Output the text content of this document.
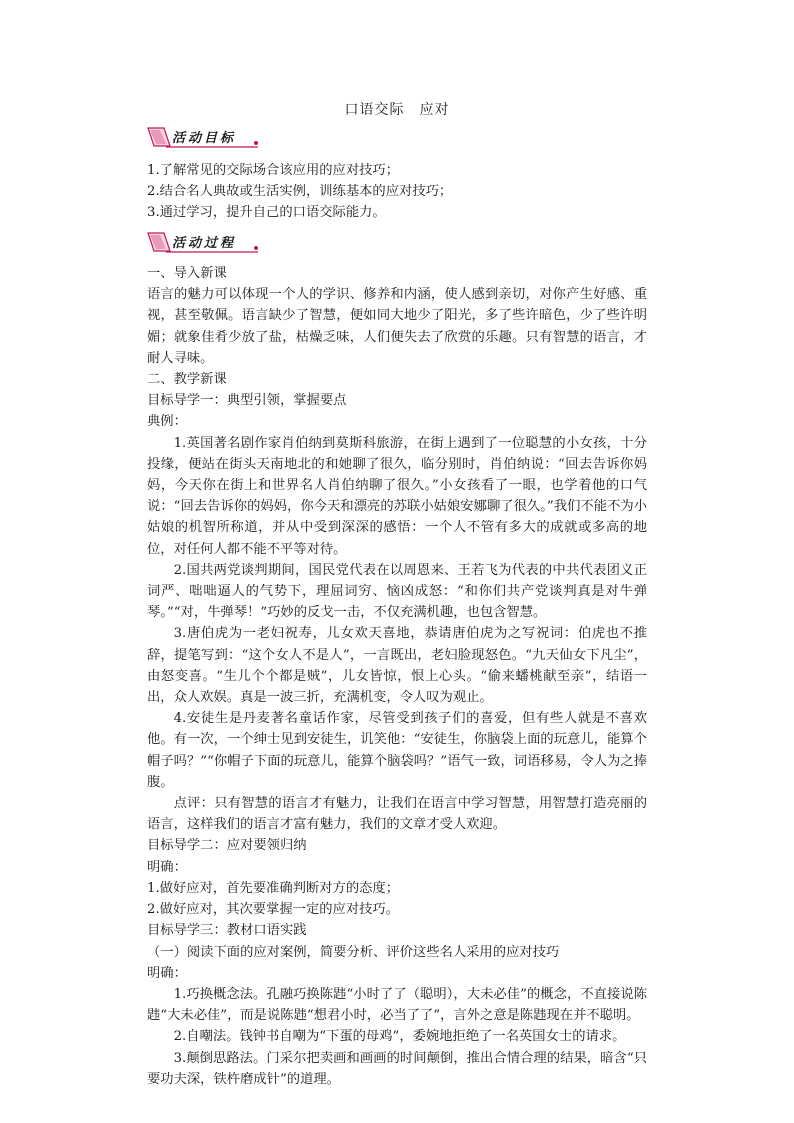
口语交际　应对
活动目标

1.了解常见的交际场合该应用的应对技巧；

2.结合名人典故或生活实例，训练基本的应对技巧；

3.通过学习，提升自己的口语交际能力。

活动过程

一、导入新课

语言的魅力可以体现一个人的学识、修养和内涵，使人感到亲切，对你产生好感、重视，甚至敬佩。语言缺少了智慧，便如同大地少了阳光，多了些许暗色，少了些许明媚；就象佳肴少放了盐，枯燥乏味，人们便失去了欣赏的乐趣。只有智慧的语言，才耐人寻味。

二、教学新课

目标导学一：典型引领，掌握要点

典例：

1.英国著名剧作家肖伯纳到莫斯科旅游，在街上遇到了一位聪慧的小女孩，十分投缘，便站在街头天南地北的和她聊了很久，临分别时，肖伯纳说：“回去告诉你妈妈，今天你在街上和世界名人肖伯纳聊了很久。”小女孩看了一眼，也学着他的口气说：“回去告诉你的妈妈，你今天和漂亮的苏联小姑娘安娜聊了很久。”我们不能不为小姑娘的机智所称道，并从中受到深深的感悟：一个人不管有多大的成就或多高的地位，对任何人都不能不平等对待。

2.国共两党谈判期间，国民党代表在以周恩来、王若飞为代表的中共代表团义正词严、咄咄逼人的气势下，理屈词穷、恼凶成怒：“和你们共产党谈判真是对牛弹琴。”“对，牛弹琴！”巧妙的反戈一击，不仅充满机趣，也包含智慧。

3.唐伯虎为一老妇祝寿，儿女欢天喜地，恭请唐伯虎为之写祝词：伯虎也不推辞，提笔写到：“这个女人不是人”，一言既出，老妇脸现怒色。“九天仙女下凡尘”，由怒变喜。“生儿个个都是贼”，儿女皆惊，恨上心头。“偷来蟠桃献至亲”，结语一出，众人欢娱。真是一波三折，充满机变，令人叹为观止。

4.安徒生是丹麦著名童话作家，尽管受到孩子们的喜爱，但有些人就是不喜欢他。有一次，一个绅士见到安徒生，讥笑他：“安徒生，你脑袋上面的玩意儿，能算个帽子吗？”“你帽子下面的玩意儿，能算个脑袋吗？”语气一致，词语移易，令人为之捧腹。

点评：只有智慧的语言才有魅力，让我们在语言中学习智慧，用智慧打造亮丽的语言，这样我们的语言才富有魅力，我们的文章才受人欢迎。

目标导学二：应对要领归纳

明确：

1.做好应对，首先要准确判断对方的态度；

2.做好应对，其次要掌握一定的应对技巧。

目标导学三：教材口语实践

（一）阅读下面的应对案例，简要分析、评价这些名人采用的应对技巧

明确：

1.巧换概念法。孔融巧换陈韪“小时了了（聪明），大未必佳”的概念，不直接说陈韪“大未必佳”，而是说陈韪“想君小时，必当了了”，言外之意是陈韪现在并不聪明。

2.自嘲法。钱钟书自嘲为“下蛋的母鸡”，委婉地拒绝了一名英国女士的请求。

3.颠倒思路法。门采尔把卖画和画画的时间颠倒，推出合情合理的结果，暗含“只要功夫深，铁杵磨成针”的道理。
